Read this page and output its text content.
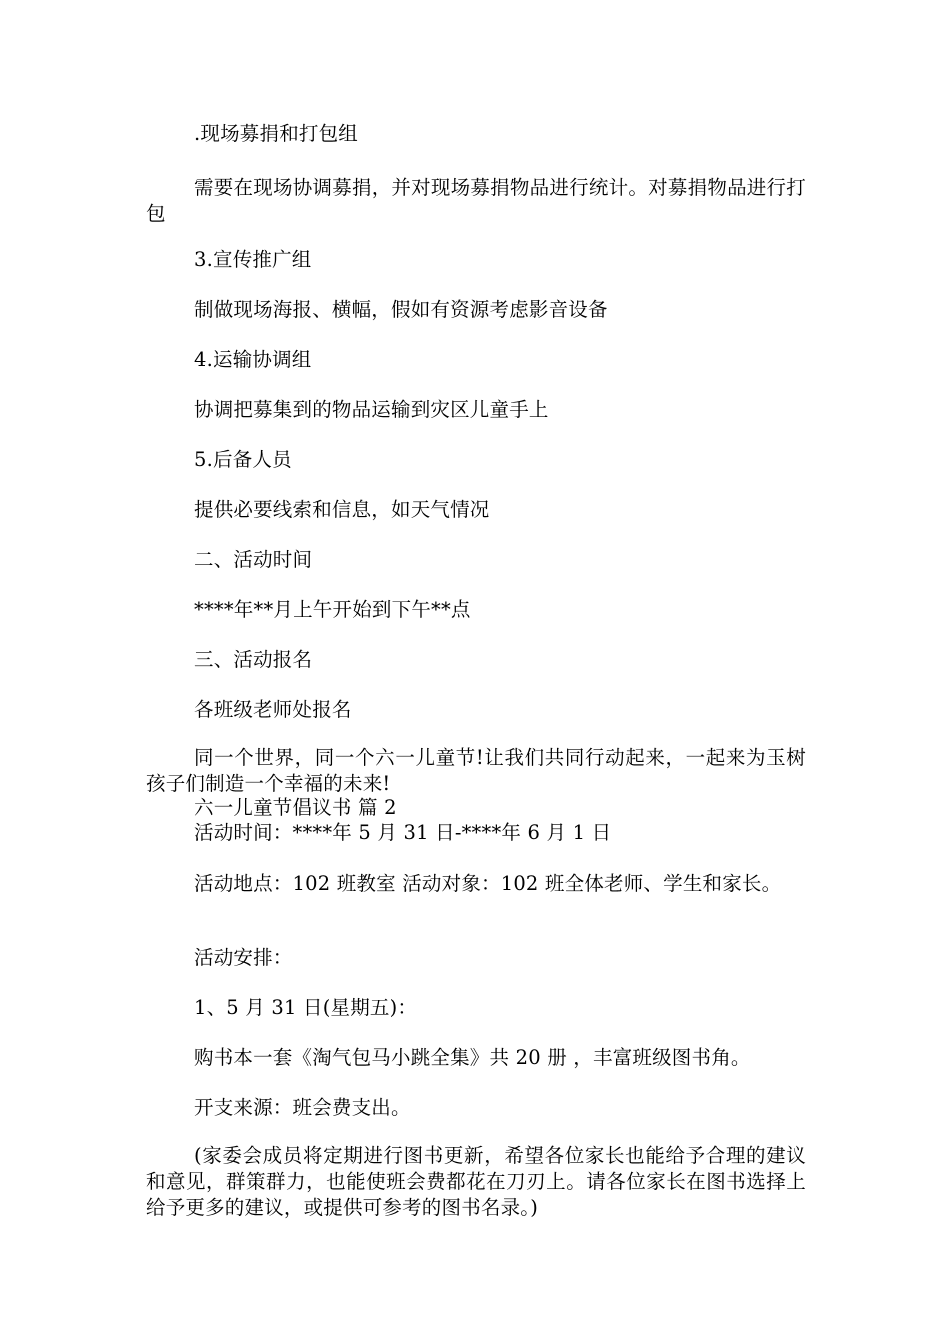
.现场募捐和打包组

需要在现场协调募捐，并对现场募捐物品进行统计。对募捐物品进行打包

3.宣传推广组

制做现场海报、横幅，假如有资源考虑影音设备

4.运输协调组

协调把募集到的物品运输到灾区儿童手上

5.后备人员

提供必要线索和信息，如天气情况

二、活动时间

****年**月上午开始到下午**点

三、活动报名

各班级老师处报名

同一个世界，同一个六一儿童节!让我们共同行动起来，一起来为玉树孩子们制造一个幸福的未来!

六一儿童节倡议书 篇 2

活动时间：****年 5 月 31 日-****年 6 月 1 日

活动地点：102 班教室 活动对象：102 班全体老师、学生和家长。

活动安排：

1、5 月 31 日(星期五)：

购书本一套《淘气包马小跳全集》共 20 册 ，丰富班级图书角。

开支来源：班会费支出。

(家委会成员将定期进行图书更新，希望各位家长也能给予合理的建议和意见，群策群力，也能使班会费都花在刀刃上。请各位家长在图书选择上给予更多的建议，或提供可参考的图书名录。)
